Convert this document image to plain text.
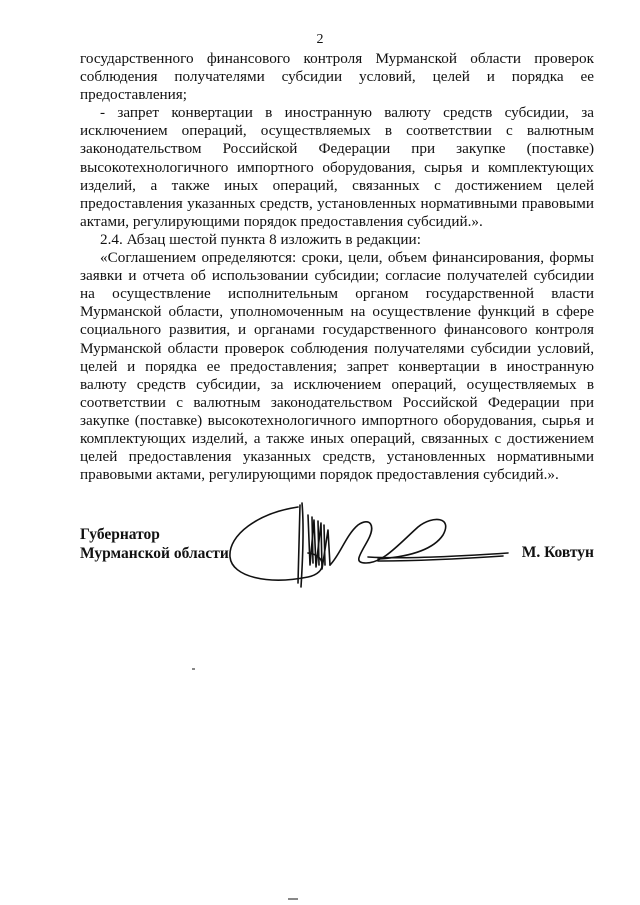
2

государственного финансового контроля Мурманской области проверок соблюдения получателями субсидии условий, целей и порядка ее предоставления;

- запрет конвертации в иностранную валюту средств субсидии, за исключением операций, осуществляемых в соответствии с валютным законодательством Российской Федерации при закупке (поставке) высокотехнологичного импортного оборудования, сырья и комплектующих изделий, а также иных операций, связанных с достижением целей предоставления указанных средств, установленных нормативными правовыми актами, регулирующими порядок предоставления субсидий.».

2.4. Абзац шестой пункта 8 изложить в редакции:

«Соглашением определяются: сроки, цели, объем финансирования, формы заявки и отчета об использовании субсидии; согласие получателей субсидии на осуществление исполнительным органом государственной власти Мурманской области, уполномоченным на осуществление функций в сфере социального развития, и органами государственного финансового контроля Мурманской области проверок соблюдения получателями субсидии условий, целей и порядка ее предоставления; запрет конвертации в иностранную валюту средств субсидии, за исключением операций, осуществляемых в соответствии с валютным законодательством Российской Федерации при закупке (поставке) высокотехнологичного импортного оборудования, сырья и комплектующих изделий, а также иных операций, связанных с достижением целей предоставления указанных средств, установленных нормативными правовыми актами, регулирующими порядок предоставления субсидий.».

Губернатор
Мурманской области	М. Ковтун
